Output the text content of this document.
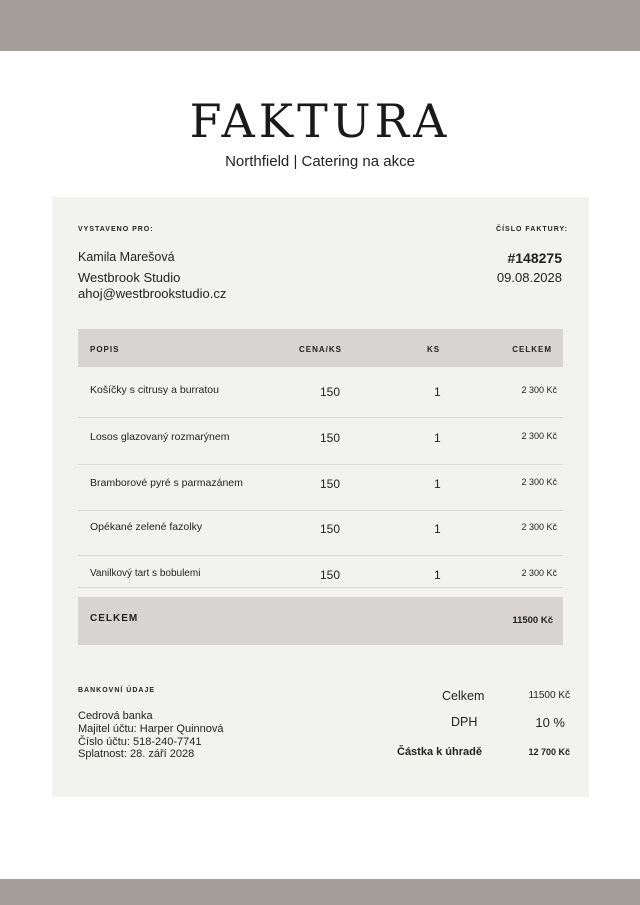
FAKTURA
Northfield | Catering na akce
VYSTAVENO PRO:
Kamila Marešová
Westbrook Studio
ahoj@westbrookstudio.cz
ČÍSLO FAKTURY:
#148275
09.08.2028
POPIS	CENA/KS	KS	CELKEM
Košíčky s citrusy a burratou	150	1	2 300 Kč
Losos glazovaný rozmarýnem	150	1	2 300 Kč
Bramborové pyré s parmazánem	150	1	2 300 Kč
Opékané zelené fazolky	150	1	2 300 Kč
Vanilkový tart s bobulemi	150	1	2 300 Kč
CELKEM	11500 Kč
BANKOVNÍ ÚDAJE
Cedrová banka
Majitel účtu: Harper Quinnová
Číslo účtu: 518-240-7741
Splatnost: 28. září 2028
Celkem	11500 Kč
DPH	10 %
Částka k úhradě	12 700 Kč
